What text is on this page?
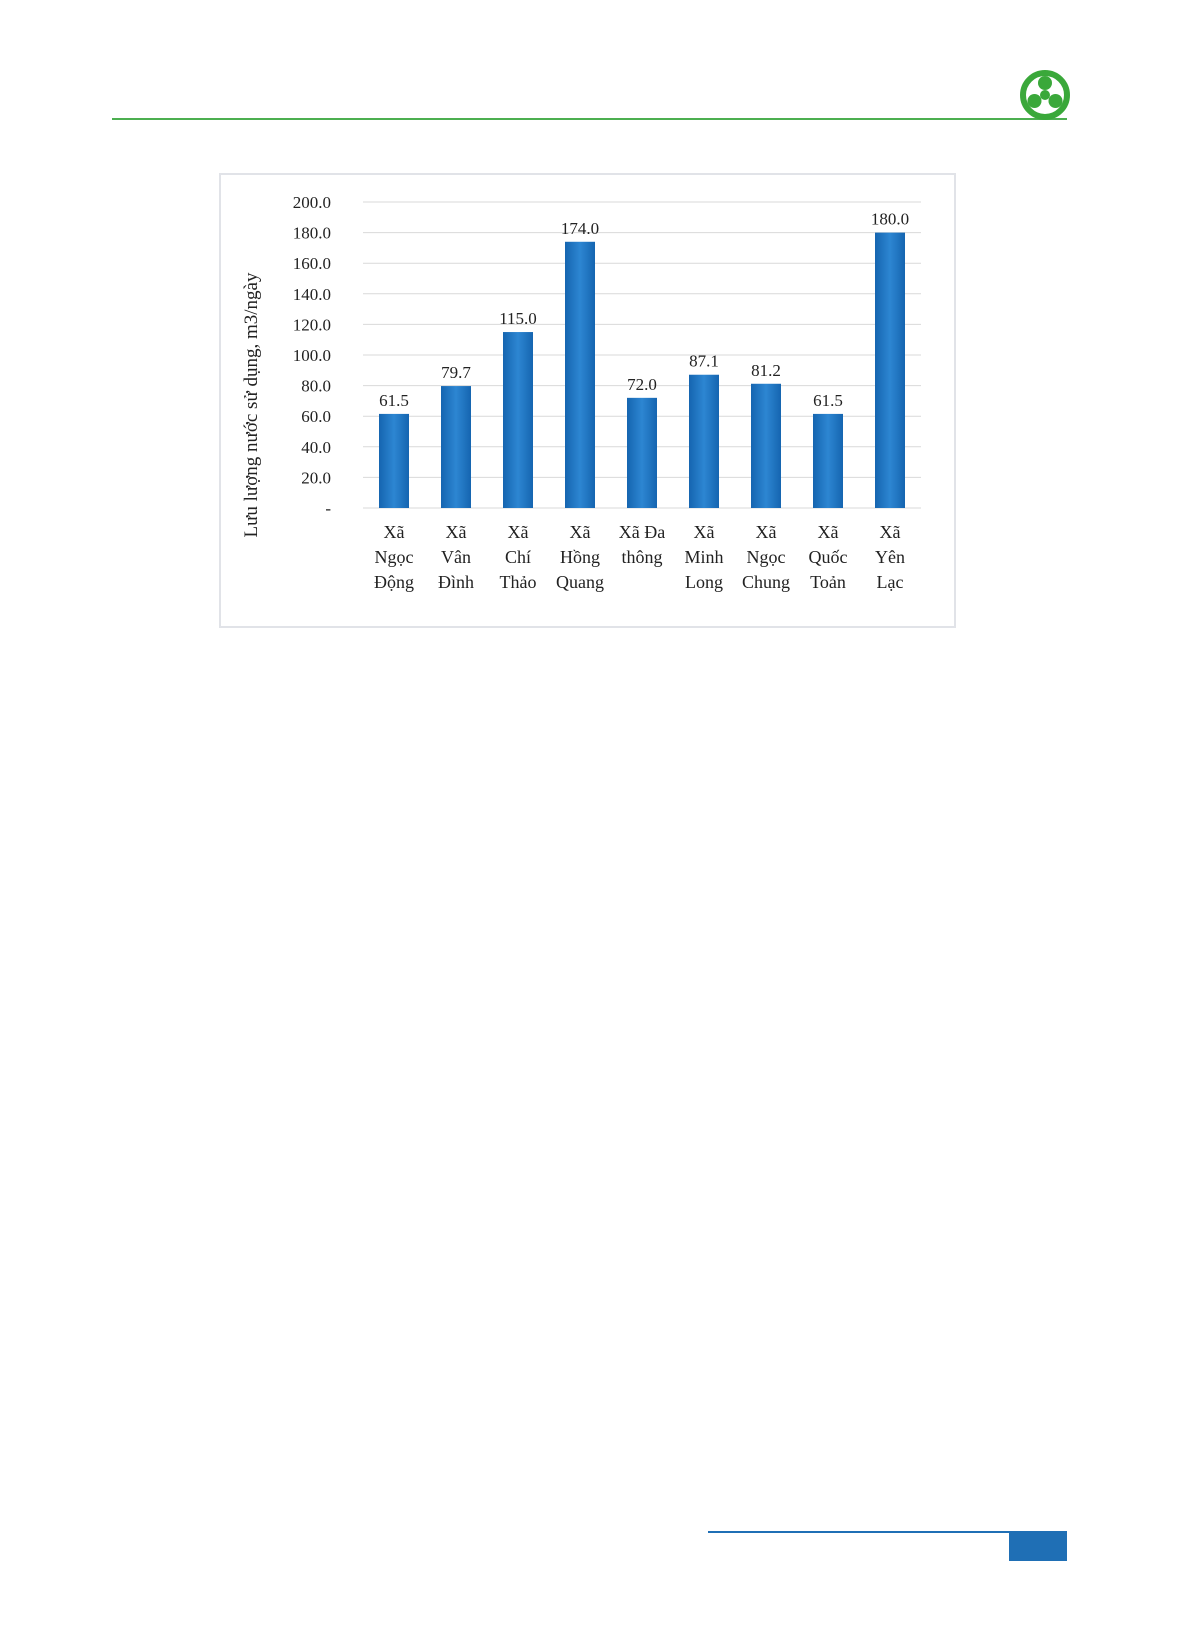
-
20.0
40.0
60.0
80.0
100.0
120.0
140.0
160.0
180.0
200.0
Lưu lượng nước sử dụng, m3/ngày	61.5
Xã
Ngọc
Động
79.7
Xã
Vân
Đình
115.0
Xã
Chí
Thảo
174.0
Xã
Hồng
Quang
72.0
Xã Đa
thông
87.1
Xã
Minh
Long
81.2
Xã
Ngọc
Chung
61.5
Xã
Quốc
Toản
180.0
Xã
Yên
Lạc
